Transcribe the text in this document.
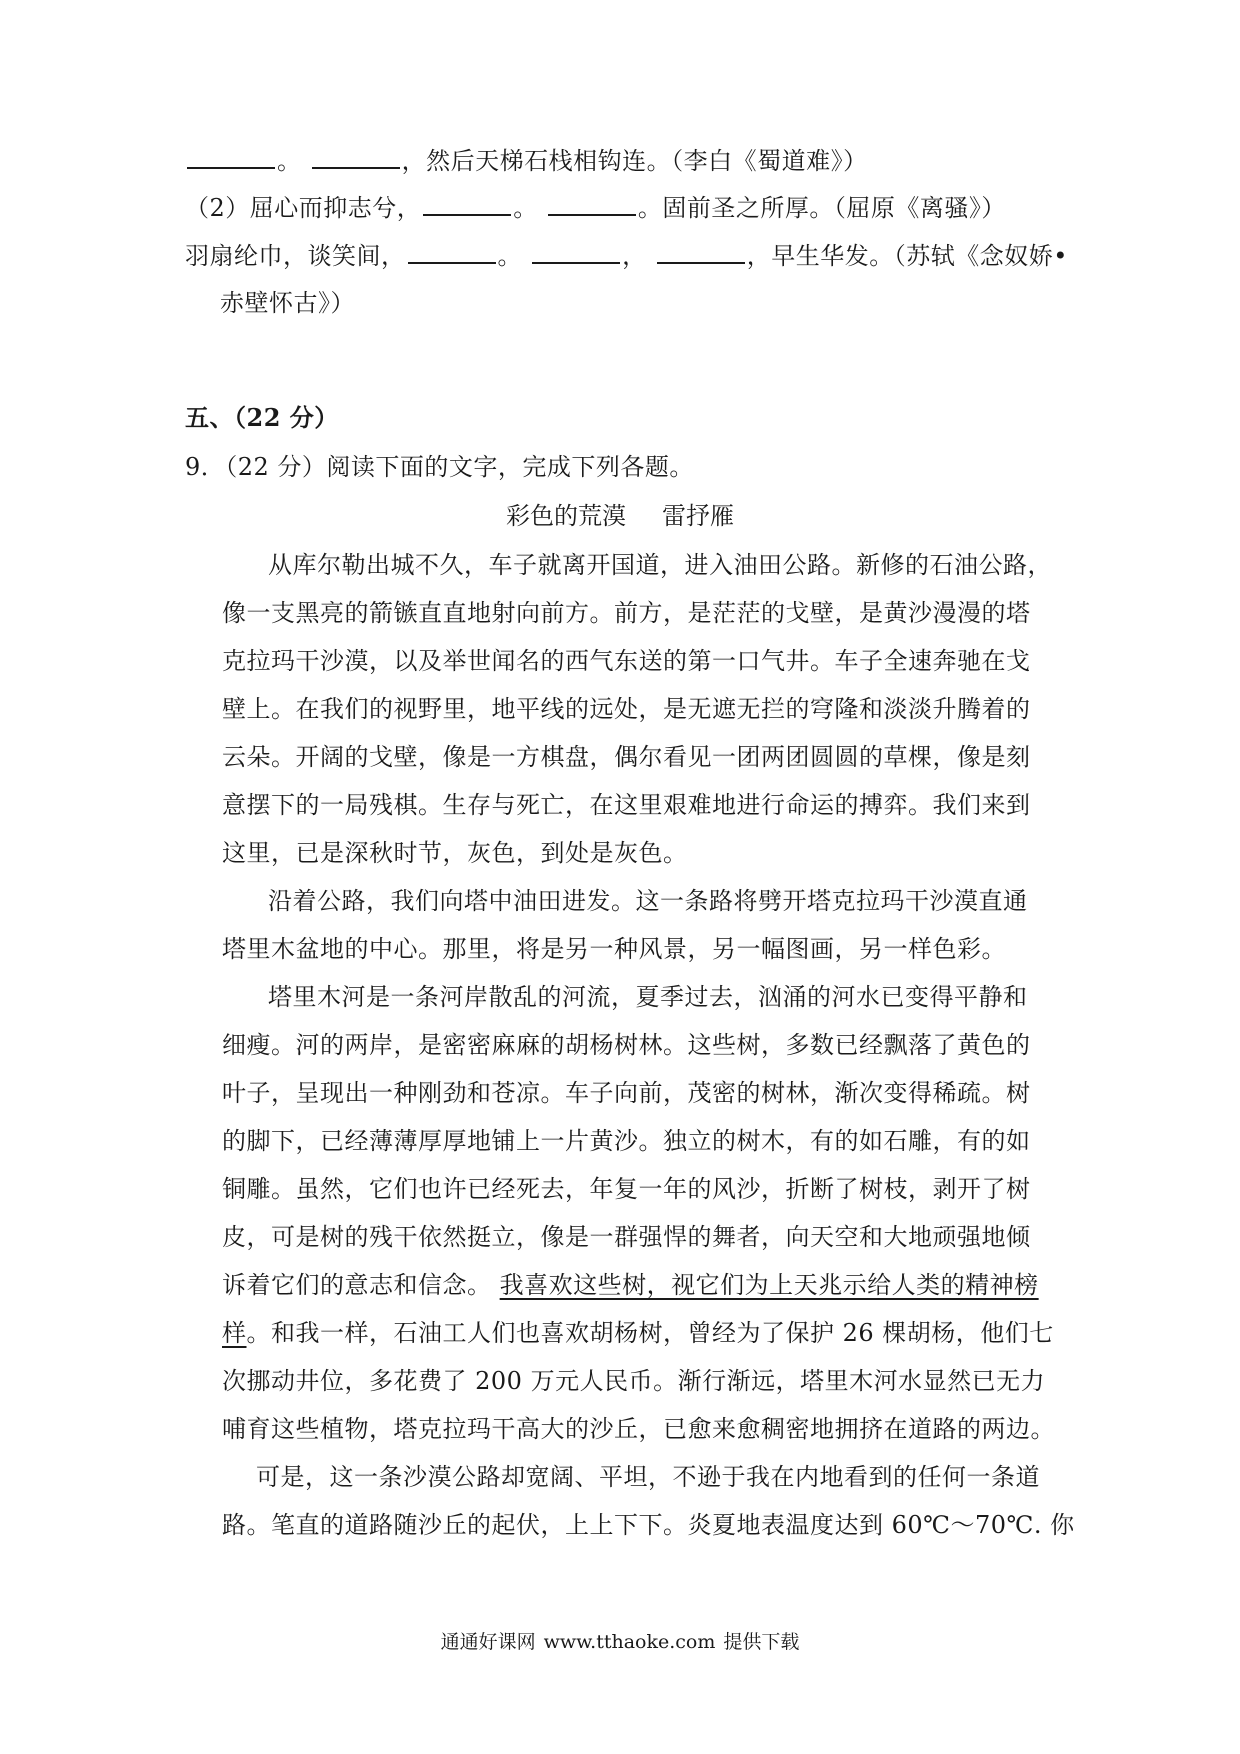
。	，然后天梯石栈相钩连。（李白《蜀道难》）
（2）屈心而抑志兮，	。	。固前圣之所厚。（屈原《离骚》）
羽扇纶巾，谈笑间，	。	，	，早生华发。（苏轼《念奴娇•
赤壁怀古》）
五、（22 分）
9．（22 分）阅读下面的文字，完成下列各题。
彩色的荒漠 雷抒雁
从库尔勒出城不久，车子就离开国道，进入油田公路。新修的石油公路，
像一支黑亮的箭镞直直地射向前方。前方，是茫茫的戈壁，是黄沙漫漫的塔
克拉玛干沙漠，以及举世闻名的西气东送的第一口气井。车子全速奔驰在戈
壁上。在我们的视野里，地平线的远处，是无遮无拦的穹隆和淡淡升腾着的
云朵。开阔的戈壁，像是一方棋盘，偶尔看见一团两团圆圆的草棵，像是刻
意摆下的一局残棋。生存与死亡，在这里艰难地进行命运的搏弈。我们来到
这里，已是深秋时节，灰色，到处是灰色。
沿着公路，我们向塔中油田进发。这一条路将劈开塔克拉玛干沙漠直通
塔里木盆地的中心。那里，将是另一种风景，另一幅图画，另一样色彩。
塔里木河是一条河岸散乱的河流，夏季过去，汹涌的河水已变得平静和
细瘦。河的两岸，是密密麻麻的胡杨树林。这些树，多数已经飘落了黄色的
叶子，呈现出一种刚劲和苍凉。车子向前，茂密的树林，渐次变得稀疏。树
的脚下，已经薄薄厚厚地铺上一片黄沙。独立的树木，有的如石雕，有的如
铜雕。虽然，它们也许已经死去，年复一年的风沙，折断了树枝，剥开了树
皮，可是树的残干依然挺立，像是一群强悍的舞者，向天空和大地顽强地倾
诉着它们的意志和信念。 我喜欢这些树，视它们为上天兆示给人类的精神榜
样。和我一样，石油工人们也喜欢胡杨树，曾经为了保护 26 棵胡杨，他们七
次挪动井位，多花费了 200 万元人民币。渐行渐远，塔里木河水显然已无力
哺育这些植物，塔克拉玛干高大的沙丘，已愈来愈稠密地拥挤在道路的两边。
可是，这一条沙漠公路却宽阔、平坦，不逊于我在内地看到的任何一条道
路。笔直的道路随沙丘的起伏，上上下下。炎夏地表温度达到 60℃～70℃. 你
通通好课网 www.tthaoke.com 提供下载
